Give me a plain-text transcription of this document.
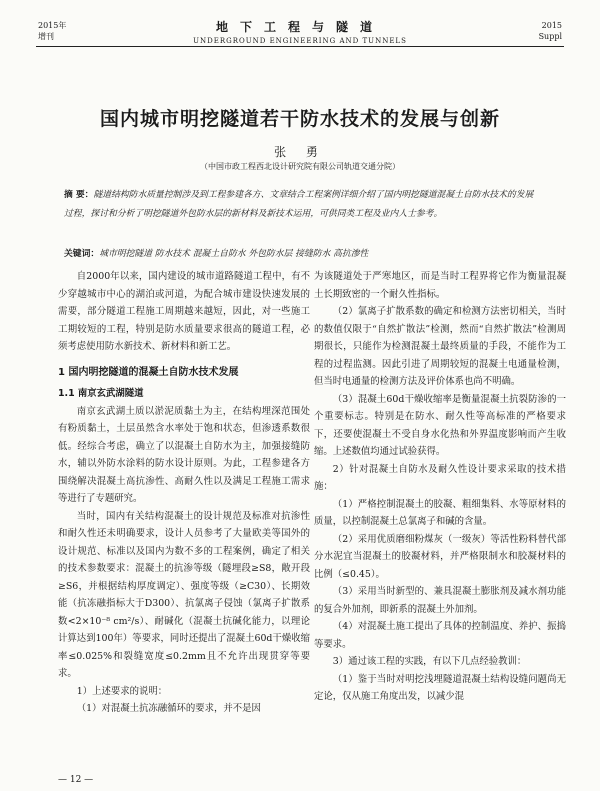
2015年
增刊
地下工程与隧道
UNDERGROUND ENGINEERING AND TUNNELS
2015
Suppl
国内城市明挖隧道若干防水技术的发展与创新
张 勇
（中国市政工程西北设计研究院有限公司轨道交通分院）
摘 要：隧道结构防水质量控制涉及到工程参建各方、文章结合工程案例详细介绍了国内明挖隧道混凝土自防水技术的发展过程，探讨和分析了明挖隧道外包防水层的新材料及新技术运用，可供同类工程及业内人士参考。
关键词：城市明挖隧道 防水技术 混凝土自防水 外包防水层 接缝防水 高抗渗性

自2000年以来，国内建设的城市道路隧道工程中，有不少穿越城市中心的湖泊或河道，为配合城市建设快速发展的需要，部分隧道工程施工周期越来越短，因此，对一些施工工期较短的工程，特别是防水质量要求很高的隧道工程，必须考虑使用防水新技术、新材料和新工艺。

1 国内明挖隧道的混凝土自防水技术发展
1.1 南京玄武湖隧道

南京玄武湖土质以淤泥质黏土为主，在结构埋深范围处有粉质黏土，土层虽然含水率处于饱和状态，但渗透系数很低。经综合考虑，确立了以混凝土自防水为主，加强接缝防水，辅以外防水涂料的防水设计原则。为此，工程参建各方围绕解决混凝土高抗渗性、高耐久性以及满足工程施工需求等进行了专题研究。

当时，国内有关结构混凝土的设计规范及标准对抗渗性和耐久性还未明确要求，设计人员参考了大量欧美等国外的设计规范、标准以及国内为数不多的工程案例，确定了相关的技术参数要求：混凝土的抗渗等级（隧埋段≥S8，敞开段≥S6，并根据结构厚度调定）、强度等级（≥C30）、长期效能（抗冻融指标大于D300）、抗氯离子侵蚀（氯离子扩散系数<2×10⁻⁸ cm²/s）、耐碱化（混凝土抗碱化能力，以理论计算达到100年）等要求，同时还提出了混凝土60d干燥收缩率≤0.025%和裂缝宽度≤0.2mm且不允许出现贯穿等要求。

1）上述要求的说明：

（1）对混凝土抗冻融循环的要求，并不是因

为该隧道处于严寒地区，而是当时工程界将它作为衡量混凝土长期致密的一个耐久性指标。

（2）氯离子扩散系数的确定和检测方法密切相关，当时的数值仅限于“自然扩散法”检测，然而“自然扩散法”检测周期很长，只能作为检测混凝土最终质量的手段，不能作为工程的过程监测。因此引进了周期较短的混凝土电通量检测，但当时电通量的检测方法及评价体系也尚不明确。

（3）混凝土60d干燥收缩率是衡量混凝土抗裂防渗的一个重要标志。特别是在防水、耐久性等高标准的严格要求下，还要使混凝土不受自身水化热和外界温度影响而产生收缩。上述数值均通过试验获得。

2）针对混凝土自防水及耐久性设计要求采取的技术措施：

（1）严格控制混凝土的胶凝、粗细集料、水等原材料的质量，以控制混凝土总氯离子和碱的含量。

（2）采用优质磨细粉煤灰（一级灰）等活性粉料替代部分水泥宜当混凝土的胶凝材料，并严格限制水和胶凝材料的比例（≤0.45）。

（3）采用当时新型的、兼具混凝土膨胀剂及减水剂功能的复合外加剂，即新系的混凝土外加剂。

（4）对混凝土施工提出了具体的控制温度、养护、振捣等要求。

3）通过该工程的实践，有以下几点经验教训：

（1）鉴于当时对明挖浅埋隧道混凝土结构设缝问题尚无定论，仅从施工角度出发，以减少混

— 12 —
